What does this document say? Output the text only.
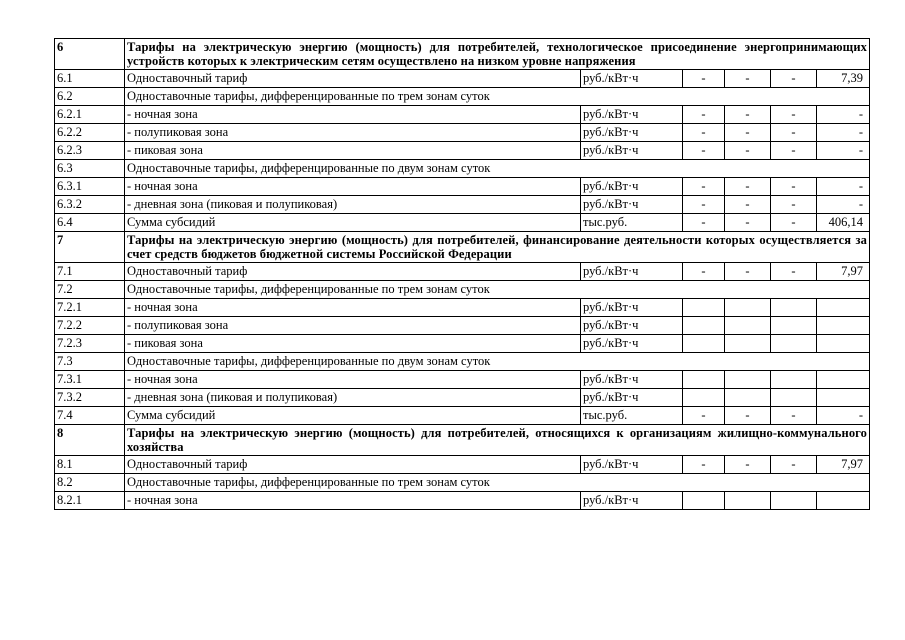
6	Тарифы на электрическую энергию (мощность) для потребителей, технологическое присоединение энергопринимающих устройств которых к электрическим сетям осуществлено на низком уровне напряжения					
6.1	Одноставочный тариф	руб./кВт·ч	-	-	-	7,39
6.2	Одноставочные тарифы, дифференцированные по трем зонам суток					
6.2.1	- ночная зона	руб./кВт·ч	-	-	-	-
6.2.2	- полупиковая зона	руб./кВт·ч	-	-	-	-
6.2.3	- пиковая зона	руб./кВт·ч	-	-	-	-
6.3	Одноставочные тарифы, дифференцированные по двум зонам суток					
6.3.1	- ночная зона	руб./кВт·ч	-	-	-	-
6.3.2	- дневная зона (пиковая и полупиковая)	руб./кВт·ч	-	-	-	-
6.4	Сумма субсидий	тыс.руб.	-	-	-	406,14
7	Тарифы на электрическую энергию (мощность) для потребителей, финансирование деятельности которых осуществляется за счет средств бюджетов бюджетной системы Российской Федерации					
7.1	Одноставочный тариф	руб./кВт·ч	-	-	-	7,97
7.2	Одноставочные тарифы, дифференцированные по трем зонам суток					
7.2.1	- ночная зона	руб./кВт·ч				
7.2.2	- полупиковая зона	руб./кВт·ч				
7.2.3	- пиковая зона	руб./кВт·ч				
7.3	Одноставочные тарифы, дифференцированные по двум зонам суток					
7.3.1	- ночная зона	руб./кВт·ч				
7.3.2	- дневная зона (пиковая и полупиковая)	руб./кВт·ч				
7.4	Сумма субсидий	тыс.руб.	-	-	-	-
8	Тарифы на электрическую энергию (мощность) для потребителей, относящихся к организациям жилищно-коммунального хозяйства					
8.1	Одноставочный тариф	руб./кВт·ч	-	-	-	7,97
8.2	Одноставочные тарифы, дифференцированные по трем зонам суток					
8.2.1	- ночная зона	руб./кВт·ч				
